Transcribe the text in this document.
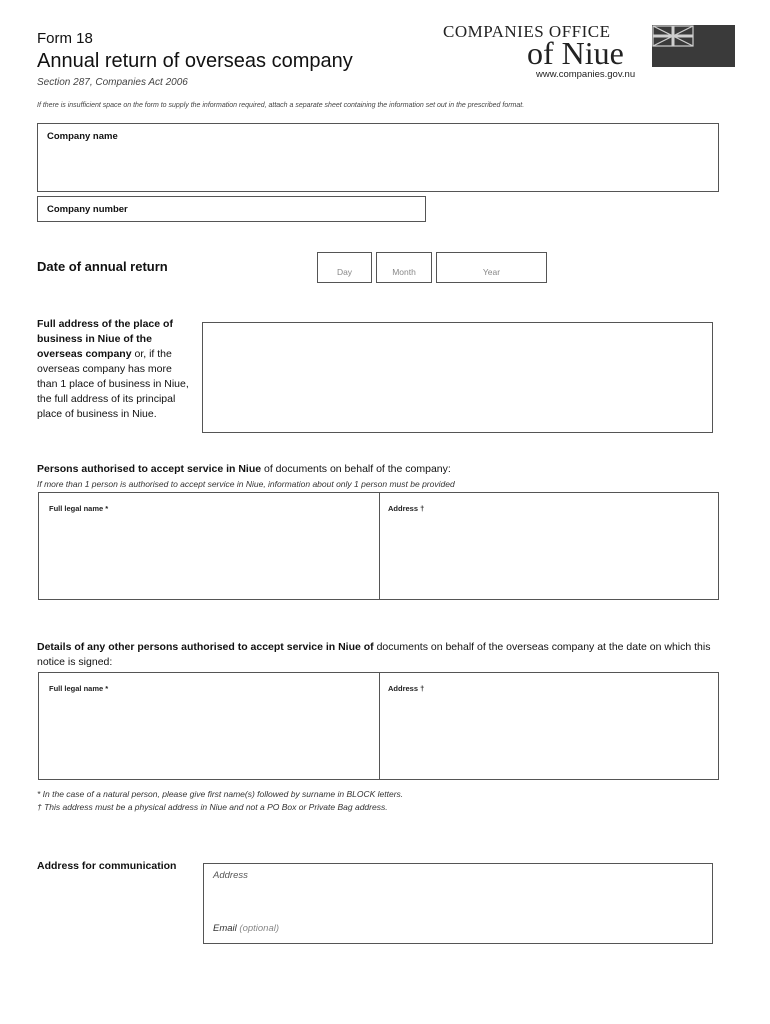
Form 18
Annual return of overseas company
Section 287, Companies Act 2006
If there is insufficient space on the form to supply the information required, attach a separate sheet containing the information set out in the prescribed format.
COMPANIES OFFICE
of Niue
www.companies.gov.nu
Company name
Company number
Date of annual return	Day	Month	Year
Full address of the place of business in Niue of the overseas company or, if the overseas company has more than 1 place of business in Niue, the full address of its principal place of business in Niue.
Persons authorised to accept service in Niue of documents on behalf of the company:
If more than 1 person is authorised to accept service in Niue, information about only 1 person must be provided
Full legal name *	Address †
Details of any other persons authorised to accept service in Niue of documents on behalf of the overseas company at the date on which this notice is signed:
Full legal name *	Address †
* In the case of a natural person, please give first name(s) followed by surname in BLOCK letters.
† This address must be a physical address in Niue and not a PO Box or Private Bag address.
Address for communication
Address
Email (optional)
